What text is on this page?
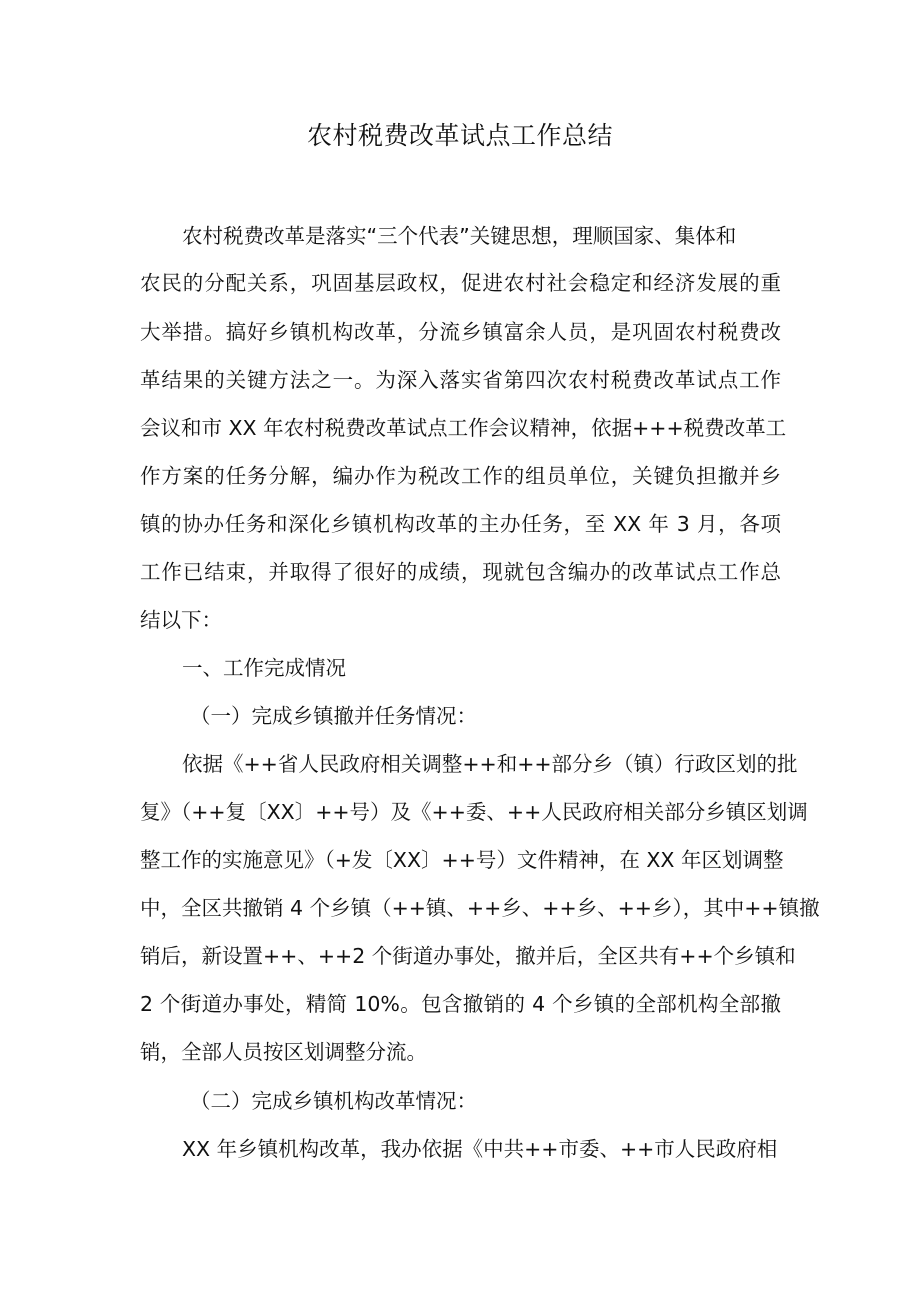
农村税费改革试点工作总结
农村税费改革是落实“三个代表”关键思想，理顺国家、集体和
农民的分配关系，巩固基层政权，促进农村社会稳定和经济发展的重
大举措。搞好乡镇机构改革，分流乡镇富余人员，是巩固农村税费改
革结果的关键方法之一。为深入落实省第四次农村税费改革试点工作
会议和市 XX 年农村税费改革试点工作会议精神，依据+++税费改革工
作方案的任务分解，编办作为税改工作的组员单位，关键负担撤并乡
镇的协办任务和深化乡镇机构改革的主办任务，至 XX 年 3 月，各项
工作已结束，并取得了很好的成绩，现就包含编办的改革试点工作总
结以下：
一、工作完成情况
（一）完成乡镇撤并任务情况：
依据《++省人民政府相关调整++和++部分乡（镇）行政区划的批
复》（++复〔XX〕++号）及《++委、++人民政府相关部分乡镇区划调
整工作的实施意见》（+发〔XX〕++号）文件精神，在 XX 年区划调整
中，全区共撤销 4 个乡镇（++镇、++乡、++乡、++乡），其中++镇撤
销后，新设置++、++2 个街道办事处，撤并后，全区共有++个乡镇和
2 个街道办事处，精简 10%。包含撤销的 4 个乡镇的全部机构全部撤
销，全部人员按区划调整分流。
（二）完成乡镇机构改革情况：
XX 年乡镇机构改革，我办依据《中共++市委、++市人民政府相
